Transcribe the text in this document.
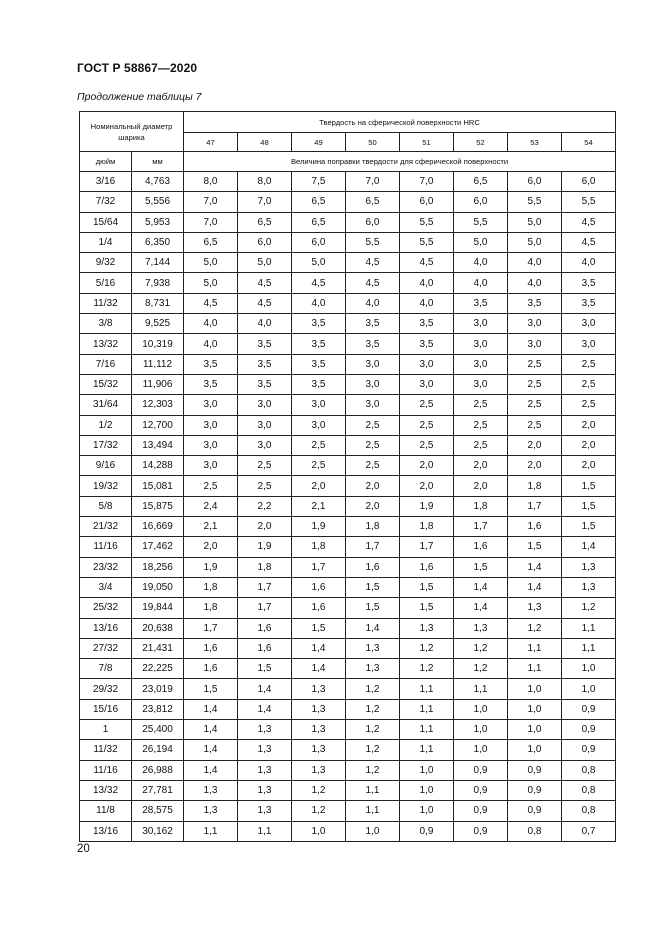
ГОСТ Р 58867—2020
Продолжение таблицы 7
Номинальный диаметр шарика		Твердость на сферической поверхности HRC							
		47	48	49	50	51	52	53	54
дюйм	мм	Величина поправки твердости для сферической поверхности							
3/16	4,763	8,0	8,0	7,5	7,0	7,0	6,5	6,0	6,0
7/32	5,556	7,0	7,0	6,5	6,5	6,0	6,0	5,5	5,5
15/64	5,953	7,0	6,5	6,5	6,0	5,5	5,5	5,0	4,5
1/4	6,350	6,5	6,0	6,0	5,5	5,5	5,0	5,0	4,5
9/32	7,144	5,0	5,0	5,0	4,5	4,5	4,0	4,0	4,0
5/16	7,938	5,0	4,5	4,5	4,5	4,0	4,0	4,0	3,5
11/32	8,731	4,5	4,5	4,0	4,0	4,0	3,5	3,5	3,5
3/8	9,525	4,0	4,0	3,5	3,5	3,5	3,0	3,0	3,0
13/32	10,319	4,0	3,5	3,5	3,5	3,5	3,0	3,0	3,0
7/16	11,112	3,5	3,5	3,5	3,0	3,0	3,0	2,5	2,5
15/32	11,906	3,5	3,5	3,5	3,0	3,0	3,0	2,5	2,5
31/64	12,303	3,0	3,0	3,0	3,0	2,5	2,5	2,5	2,5
1/2	12,700	3,0	3,0	3,0	2,5	2,5	2,5	2,5	2,0
17/32	13,494	3,0	3,0	2,5	2,5	2,5	2,5	2,0	2,0
9/16	14,288	3,0	2,5	2,5	2,5	2,0	2,0	2,0	2,0
19/32	15,081	2,5	2,5	2,0	2,0	2,0	2,0	1,8	1,5
5/8	15,875	2,4	2,2	2,1	2,0	1,9	1,8	1,7	1,5
21/32	16,669	2,1	2,0	1,9	1,8	1,8	1,7	1,6	1,5
11/16	17,462	2,0	1,9	1,8	1,7	1,7	1,6	1,5	1,4
23/32	18,256	1,9	1,8	1,7	1,6	1,6	1,5	1,4	1,3
3/4	19,050	1,8	1,7	1,6	1,5	1,5	1,4	1,4	1,3
25/32	19,844	1,8	1,7	1,6	1,5	1,5	1,4	1,3	1,2
13/16	20,638	1,7	1,6	1,5	1,4	1,3	1,3	1,2	1,1
27/32	21,431	1,6	1,6	1,4	1,3	1,2	1,2	1,1	1,1
7/8	22,225	1,6	1,5	1,4	1,3	1,2	1,2	1,1	1,0
29/32	23,019	1,5	1,4	1,3	1,2	1,1	1,1	1,0	1,0
15/16	23,812	1,4	1,4	1,3	1,2	1,1	1,0	1,0	0,9
1	25,400	1,4	1,3	1,3	1,2	1,1	1,0	1,0	0,9
11/32	26,194	1,4	1,3	1,3	1,2	1,1	1,0	1,0	0,9
11/16	26,988	1,4	1,3	1,3	1,2	1,0	0,9	0,9	0,8
13/32	27,781	1,3	1,3	1,2	1,1	1,0	0,9	0,9	0,8
11/8	28,575	1,3	1,3	1,2	1,1	1,0	0,9	0,9	0,8
13/16	30,162	1,1	1,1	1,0	1,0	0,9	0,9	0,8	0,7
20
